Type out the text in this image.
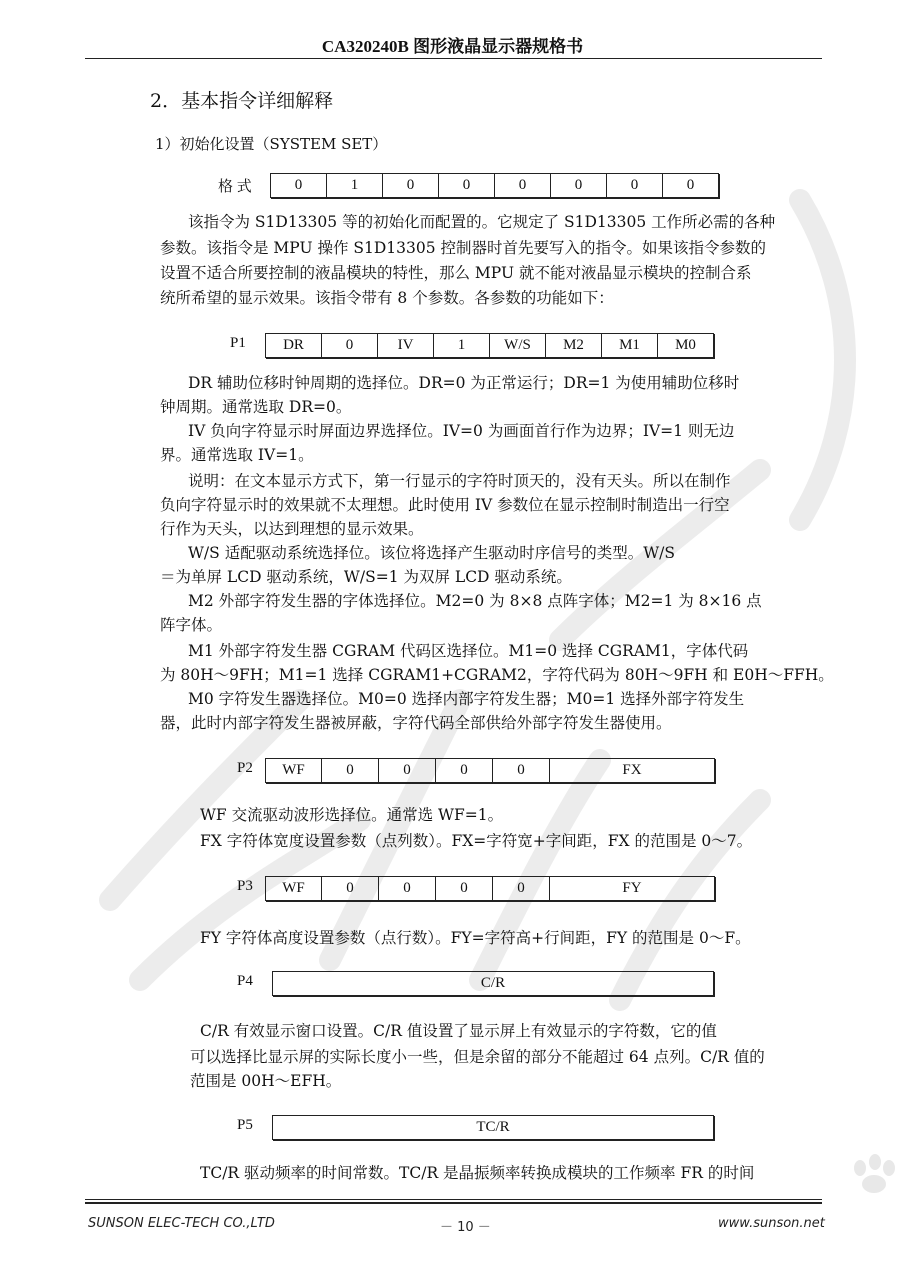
CA320240B 图形液晶显示器规格书
2．基本指令详细解释
1）初始化设置（SYSTEM SET）
格 式	0	1	0	0	0	0	0	0
该指令为 S1D13305 等的初始化而配置的。它规定了 S1D13305 工作所必需的各种
参数。该指令是 MPU 操作 S1D13305 控制器时首先要写入的指令。如果该指令参数的
设置不适合所要控制的液晶模块的特性，那么 MPU 就不能对液晶显示模块的控制合系
统所希望的显示效果。该指令带有 8 个参数。各参数的功能如下：
P1	DR	0	IV	1	W/S	M2	M1	M0
DR 辅助位移时钟周期的选择位。DR=0 为正常运行；DR=1 为使用辅助位移时
钟周期。通常选取 DR=0。
IV 负向字符显示时屏面边界选择位。IV=0 为画面首行作为边界；IV=1 则无边
界。通常选取 IV=1。
说明：在文本显示方式下，第一行显示的字符时顶天的，没有天头。所以在制作
负向字符显示时的效果就不太理想。此时使用 IV 参数位在显示控制时制造出一行空
行作为天头，以达到理想的显示效果。
W/S 适配驱动系统选择位。该位将选择产生驱动时序信号的类型。W/S
＝为单屏 LCD 驱动系统，W/S=1 为双屏 LCD 驱动系统。
M2 外部字符发生器的字体选择位。M2=0 为 8×8 点阵字体；M2=1 为 8×16 点
阵字体。
M1 外部字符发生器 CGRAM 代码区选择位。M1=0 选择 CGRAM1，字体代码
为 80H～9FH；M1=1 选择 CGRAM1+CGRAM2，字符代码为 80H～9FH 和 E0H～FFH。
M0 字符发生器选择位。M0=0 选择内部字符发生器；M0=1 选择外部字符发生
器，此时内部字符发生器被屏蔽，字符代码全部供给外部字符发生器使用。
P2	WF	0	0	0	0	FX
WF 交流驱动波形选择位。通常选 WF=1。
FX 字符体宽度设置参数（点列数）。FX=字符宽+字间距，FX 的范围是 0～7。
P3	WF	0	0	0	0	FY
FY 字符体高度设置参数（点行数）。FY=字符高+行间距，FY 的范围是 0～F。
P4	C/R
C/R 有效显示窗口设置。C/R 值设置了显示屏上有效显示的字符数，它的值
可以选择比显示屏的实际长度小一些，但是余留的部分不能超过 64 点列。C/R 值的
范围是 00H～EFH。
P5	TC/R
TC/R 驱动频率的时间常数。TC/R 是晶振频率转换成模块的工作频率 FR 的时间
SUNSON ELEC-TECH CO.,LTD	－ 10 －	www.sunson.net
